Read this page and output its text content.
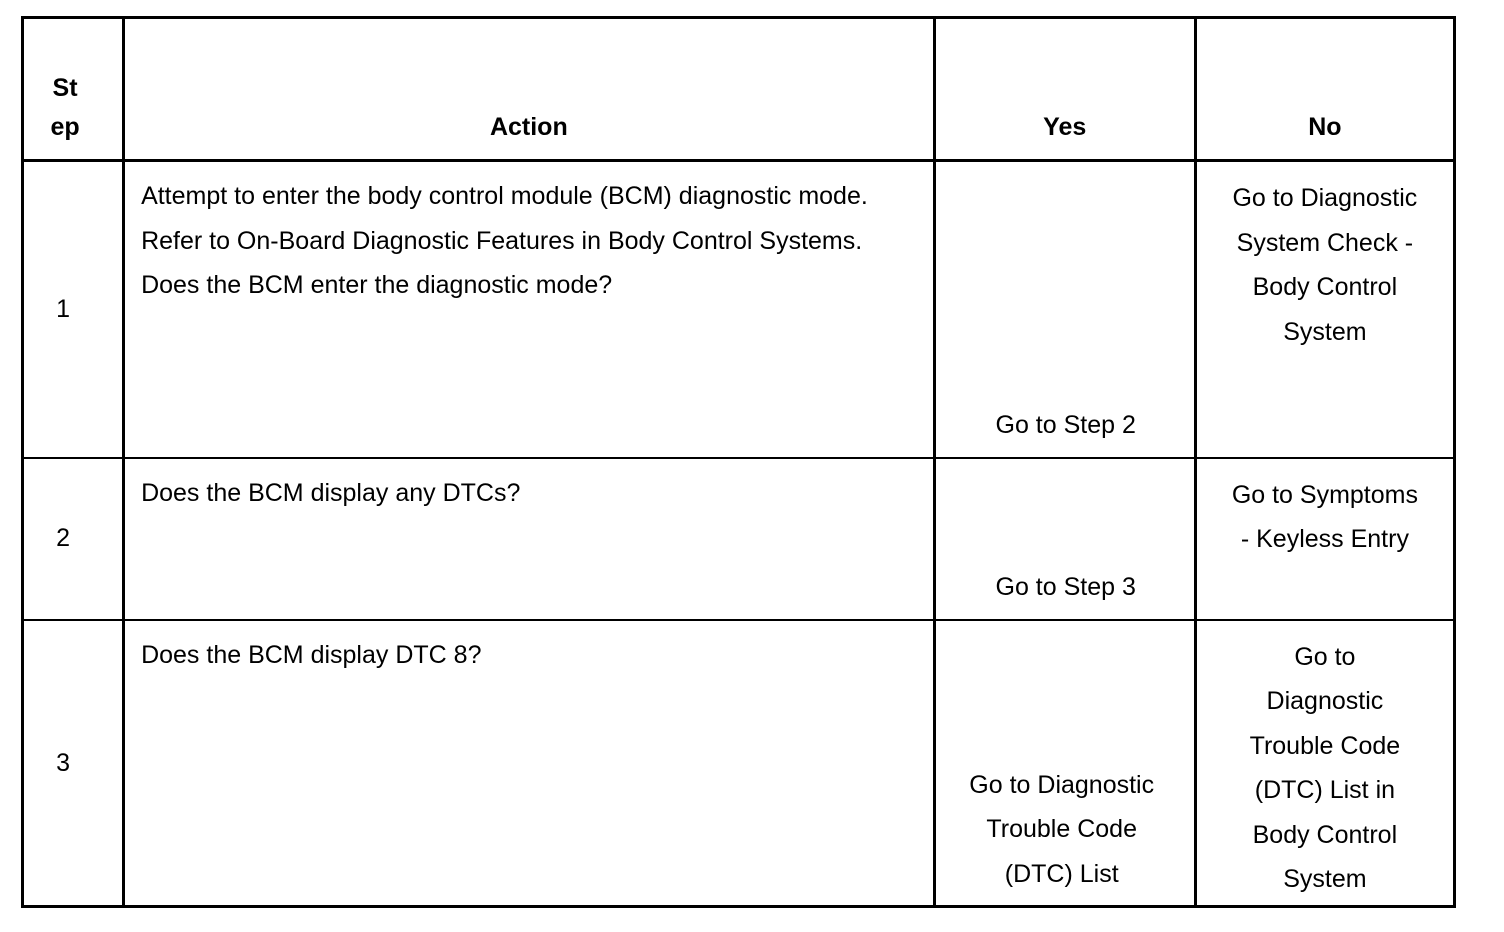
St
ep	Action	Yes	No
1	Attempt to enter the body control module (BCM) diagnostic mode. Refer to On-Board Diagnostic Features in Body Control Systems. Does the BCM enter the diagnostic mode?	Go to Step 2	Go to Diagnostic System Check - Body Control System

2	Does the BCM display any DTCs?	Go to Step 3	Go to Symptoms - Keyless Entry

3	Does the BCM display DTC 8?	Go to Diagnostic Trouble Code (DTC) List	Go to Diagnostic Trouble Code (DTC) List in Body Control System
